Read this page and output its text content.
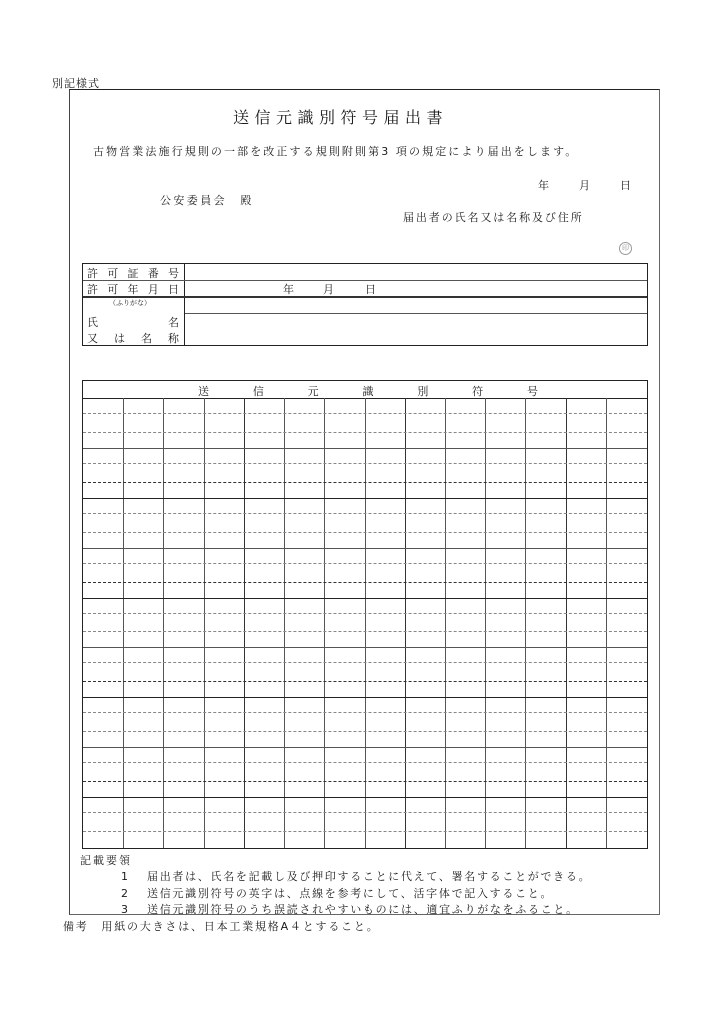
別記様式
送信元識別符号届出書
古物営業法施行規則の一部を改正する規則附則第3 項の規定により届出をします。
年	月	日
公安委員会　殿
届出者の氏名又は名称及び住所
印
許 可 証 番 号
許 可 年 月 日	年	月	日
（ふりがな）
氏	名
又 は 名 称
送	信	元	識	別	符	号
記載要領
1 届出者は、氏名を記載し及び押印することに代えて、署名することができる。
2 送信元識別符号の英字は、点線を参考にして、活字体で記入すること。
3 送信元識別符号のうち誤読されやすいものには、適宜ふりがなをふること。
備考　用紙の大きさは、日本工業規格A４とすること。
